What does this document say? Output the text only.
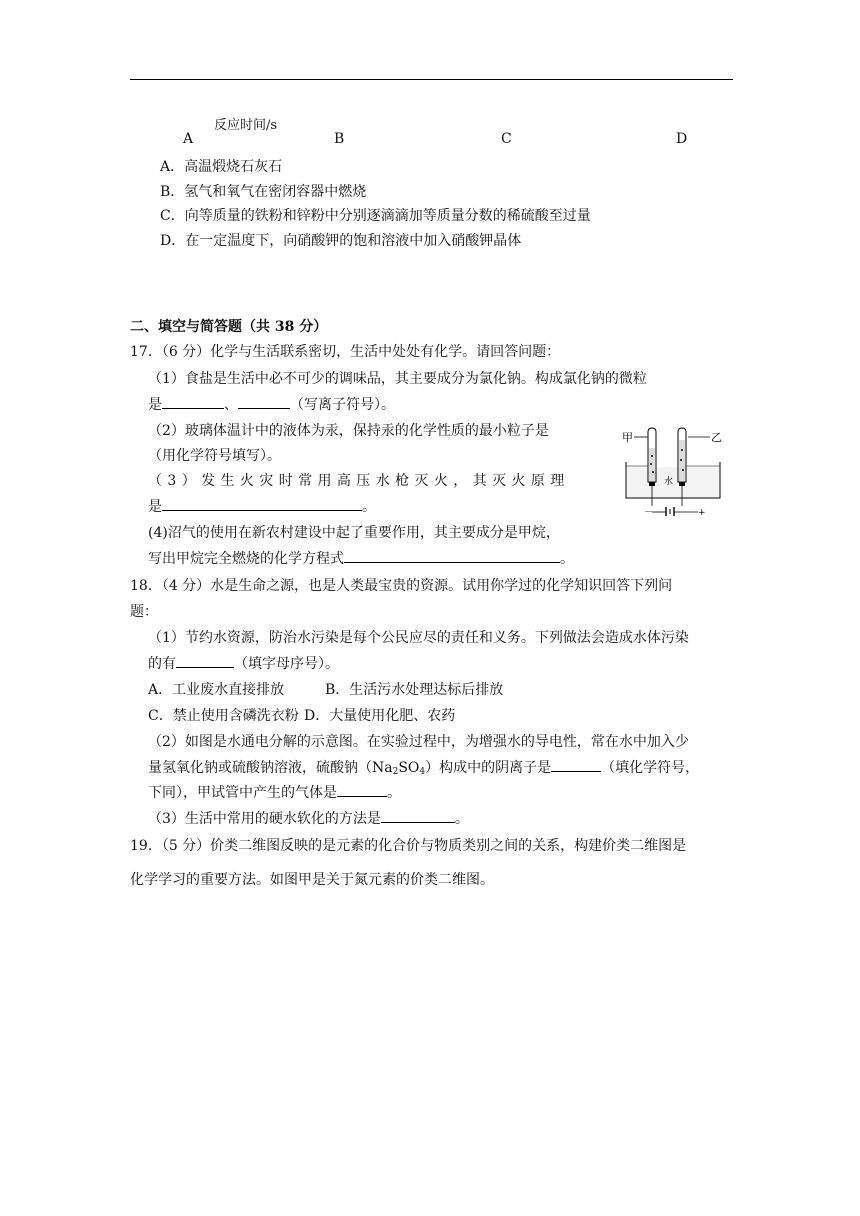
反应时间/s
A	B	C	D
A．高温煅烧石灰石
B．氢气和氧气在密闭容器中燃烧
C．向等质量的铁粉和锌粉中分别逐滴滴加等质量分数的稀硫酸至过量
D．在一定温度下，向硝酸钾的饱和溶液中加入硝酸钾晶体
二、填空与简答题（共 38 分）
17．（6 分）化学与生活联系密切，生活中处处有化学。请回答问题：
（1）食盐是生活中必不可少的调味品，其主要成分为氯化钠。构成氯化钠的微粒
是	、	（写离子符号）。
（2）玻璃体温计中的液体为汞，保持汞的化学性质的最小粒子是
（用化学符号填写）。
（3）发生火灾时常用高压水枪灭火，其灭火原理
是	。
(4)沼气的使用在新农村建设中起了重要作用，其主要成分是甲烷，
写出甲烷完全燃烧的化学方程式	。
甲	乙
水
－	+
18．（4 分）水是生命之源，也是人类最宝贵的资源。试用你学过的化学知识回答下列问
题：
（1）节约水资源，防治水污染是每个公民应尽的责任和义务。下列做法会造成水体污染
的有	（填字母序号）。
A．工业废水直接排放	B．生活污水处理达标后排放
C．禁止使用含磷洗衣粉 D．大量使用化肥、农药
（2）如图是水通电分解的示意图。在实验过程中，为增强水的导电性，常在水中加入少
量氢氧化钠或硫酸钠溶液，硫酸钠$(Na_2SO_4)$构成中的阴离子是	（填化学符号，
下同），甲试管中产生的气体是	。
（3）生活中常用的硬水软化的方法是	。
19．（5 分）价类二维图反映的是元素的化合价与物质类别之间的关系，构建价类二维图是
化学学习的重要方法。如图甲是关于氮元素的价类二维图。
